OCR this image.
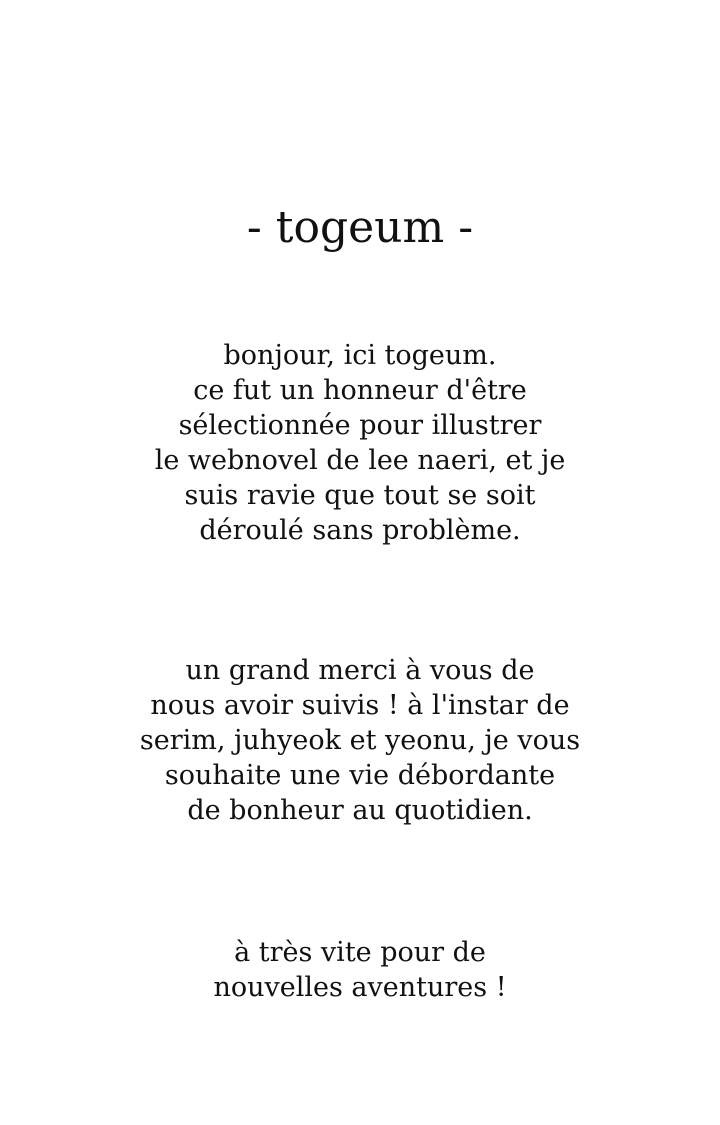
- togeum -

bonjour, ici togeum.
ce fut un honneur d'être
sélectionnée pour illustrer
le webnovel de lee naeri, et je
suis ravie que tout se soit
déroulé sans problème.

un grand merci à vous de
nous avoir suivis ! à l'instar de
serim, juhyeok et yeonu, je vous
souhaite une vie débordante
de bonheur au quotidien.

à très vite pour de
nouvelles aventures !
